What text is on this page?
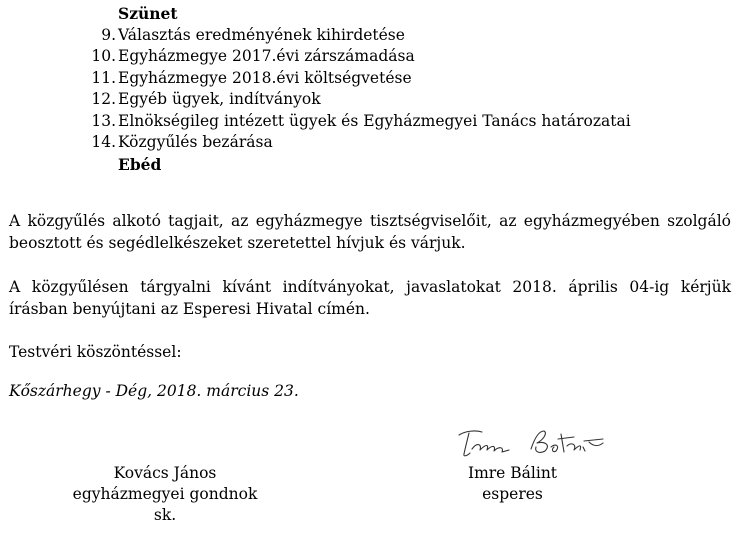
Szünet
9. Választás eredményének kihirdetése
10. Egyházmegye 2017.évi zárszámadása
11. Egyházmegye 2018.évi költségvetése
12. Egyéb ügyek, indítványok
13. Elnökségileg intézett ügyek és Egyházmegyei Tanács határozatai
14. Közgyűlés bezárása
Ebéd

A közgyűlés alkotó tagjait, az egyházmegye tisztségviselőit, az egyházmegyében szolgáló beosztott és segédlelkészeket szeretettel hívjuk és várjuk.

A közgyűlésen tárgyalni kívánt indítványokat, javaslatokat 2018. április 04-ig kérjük írásban benyújtani az Esperesi Hivatal címén.

Testvéri köszöntéssel:

Kőszárhegy - Dég, 2018. március 23.

Kovács János
egyházmegyei gondnok
sk.
Imre Bálint
esperes
